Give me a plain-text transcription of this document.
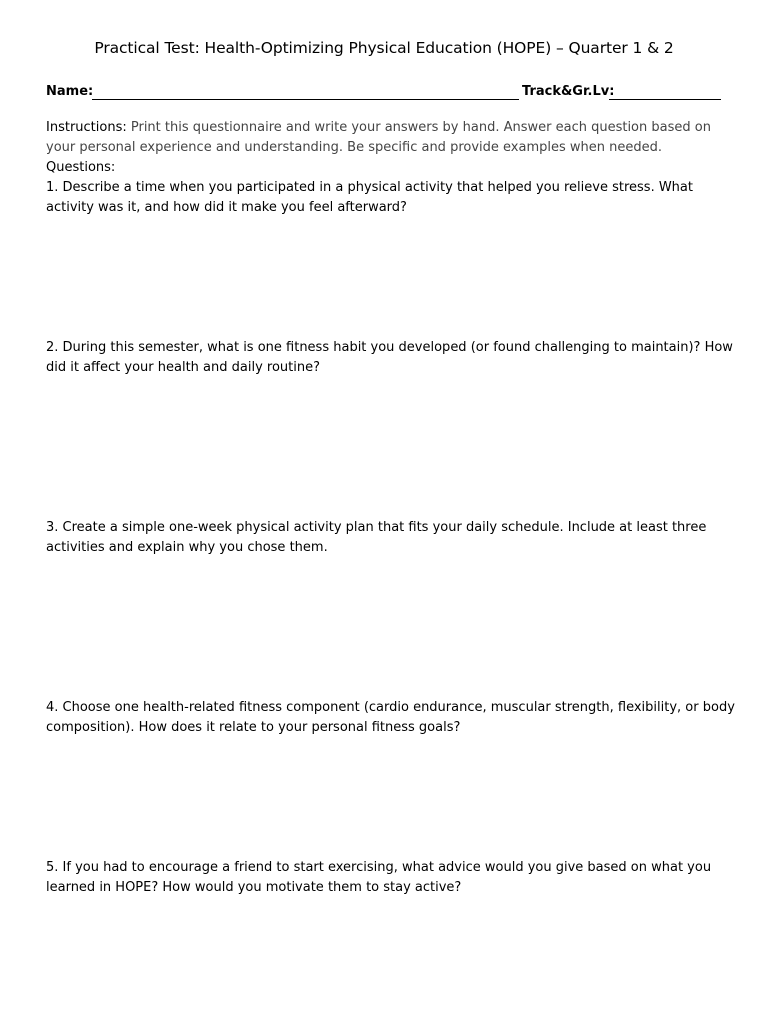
Practical Test: Health-Optimizing Physical Education (HOPE) – Quarter 1 & 2
Name:	Track&Gr.Lv:
Instructions: Print this questionnaire and write your answers by hand. Answer each question based on your personal experience and understanding. Be specific and provide examples when needed.
Questions:
1. Describe a time when you participated in a physical activity that helped you relieve stress. What activity was it, and how did it make you feel afterward?
2. During this semester, what is one fitness habit you developed (or found challenging to maintain)? How did it affect your health and daily routine?
3. Create a simple one-week physical activity plan that fits your daily schedule. Include at least three activities and explain why you chose them.
4. Choose one health-related fitness component (cardio endurance, muscular strength, flexibility, or body composition). How does it relate to your personal fitness goals?
5. If you had to encourage a friend to start exercising, what advice would you give based on what you learned in HOPE? How would you motivate them to stay active?
